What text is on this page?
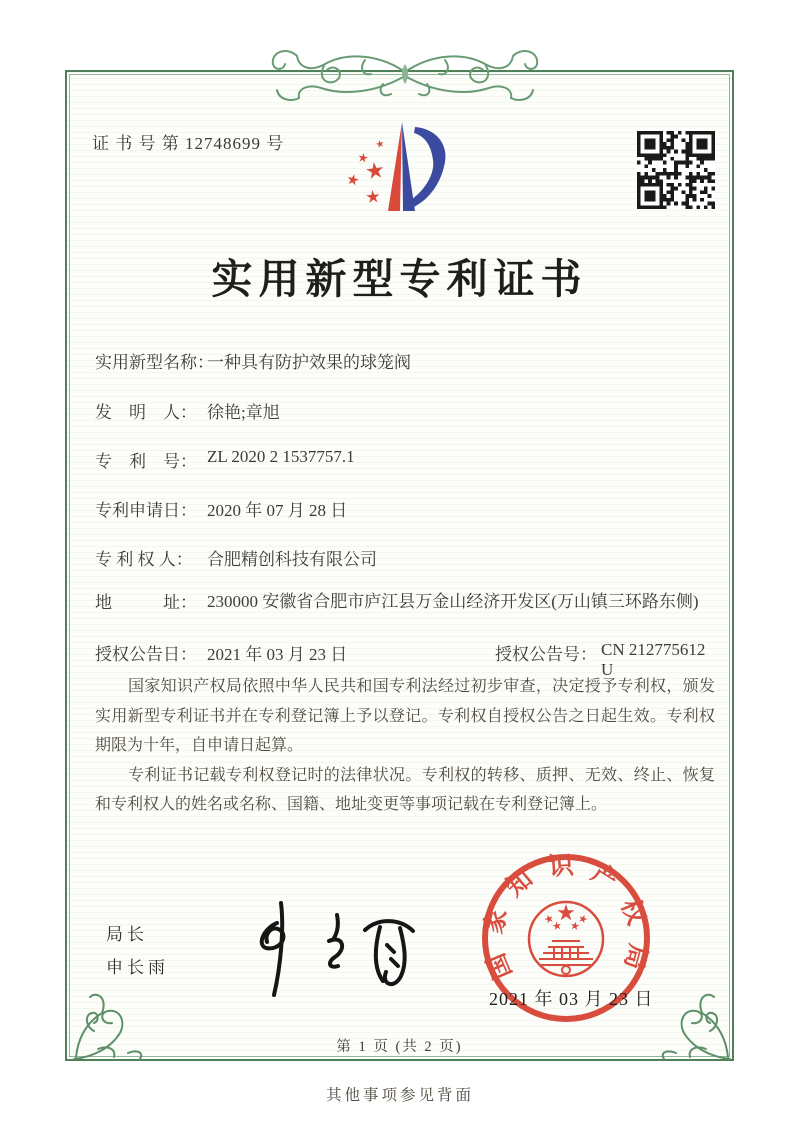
证 书 号 第 12748699 号
实用新型专利证书
实用新型名称：
一种具有防护效果的球笼阀
发　明　人： 徐艳;章旭
专　利　号： ZL 2020 2 1537757.1
专利申请日： 2020 年 07 月 28 日
专 利 权 人： 合肥精创科技有限公司
地　　　址： 230000 安徽省合肥市庐江县万金山经济开发区(万山镇三环路东侧)
授权公告日： 2021 年 03 月 23 日	授权公告号： CN 212775612 U

国家知识产权局依照中华人民共和国专利法经过初步审查，决定授予专利权，颁发实用新型专利证书并在专利登记簿上予以登记。专利权自授权公告之日起生效。专利权期限为十年，自申请日起算。

专利证书记载专利权登记时的法律状况。专利权的转移、质押、无效、终止、恢复和专利权人的姓名或名称、国籍、地址变更等事项记载在专利登记簿上。

局长
申长雨	国家知识产权局
2021 年 03 月 23 日
第 1 页 (共 2 页)
其他事项参见背面
